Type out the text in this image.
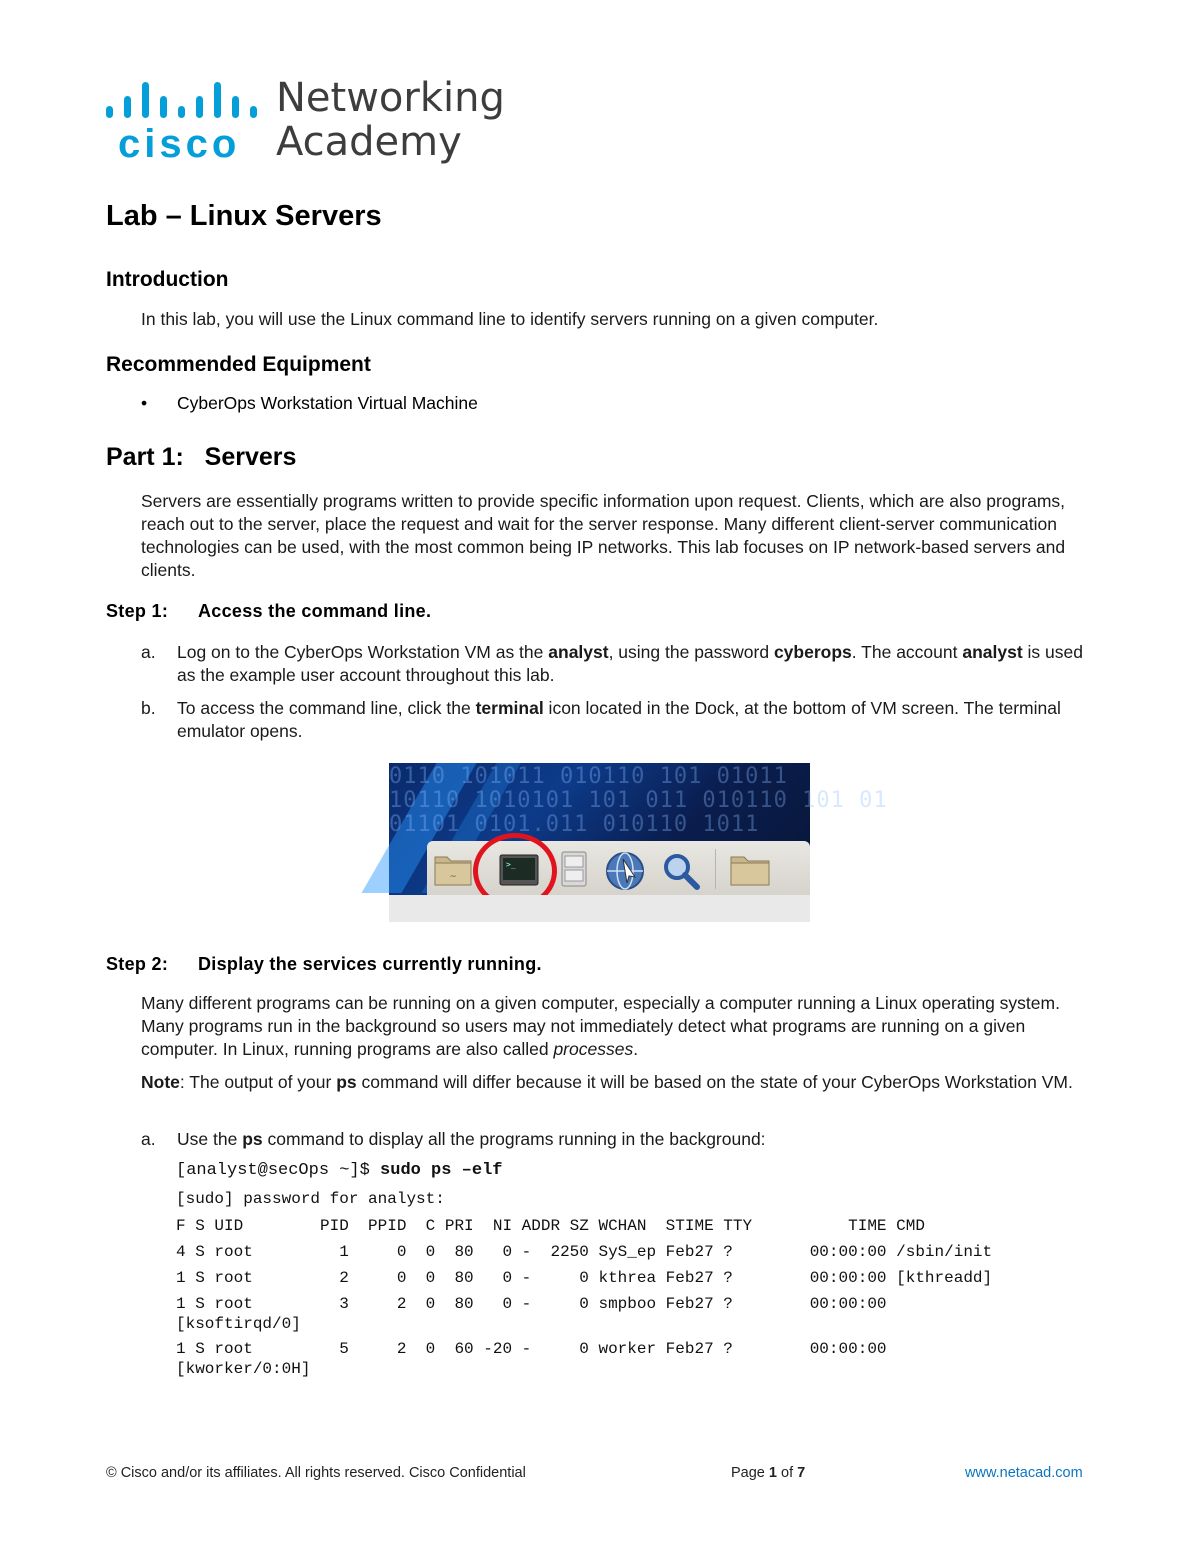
cisco
Networking
Academy
Lab – Linux Servers
Introduction

In this lab, you will use the Linux command line to identify servers running on a given computer.

Recommended Equipment
• CyberOps Workstation Virtual Machine
Part 1: Servers

Servers are essentially programs written to provide specific information upon request. Clients, which are also programs, reach out to the server, place the request and wait for the server response. Many different client-server communication technologies can be used, with the most common being IP networks. This lab focuses on IP network-based servers and clients.

Step 1: Access the command line.
a. Log on to the CyberOps Workstation VM as the analyst, using the password cyberops. The account analyst is used as the example user account throughout this lab.
b. To access the command line, click the terminal icon located in the Dock, at the bottom of VM screen. The terminal emulator opens.
0110 101011 010110 101 01011
10110 1010101 101 011 010110 101 01
01101 0101.011 010110 1011
~
>_
Step 2: Display the services currently running.

Many different programs can be running on a given computer, especially a computer running a Linux operating system. Many programs run in the background so users may not immediately detect what programs are running on a given computer. In Linux, running programs are also called processes.

Note: The output of your ps command will differ because it will be based on the state of your CyberOps Workstation VM.

a. Use the ps command to display all the programs running in the background:

[analyst@secOps ~]$ sudo ps –elf

[sudo] password for analyst:

F S UID        PID  PPID  C PRI  NI ADDR SZ WCHAN  STIME TTY          TIME CMD

4 S root         1     0  0  80   0 -  2250 SyS_ep Feb27 ?        00:00:00 /sbin/init

1 S root         2     0  0  80   0 -     0 kthrea Feb27 ?        00:00:00 [kthreadd]

1 S root         3     2  0  80   0 -     0 smpboo Feb27 ?        00:00:00

[ksoftirqd/0]

1 S root         5     2  0  60 -20 -     0 worker Feb27 ?        00:00:00

[kworker/0:0H]

© Cisco and/or its affiliates. All rights reserved. Cisco Confidential	Page 1 of 7	www.netacad.com
